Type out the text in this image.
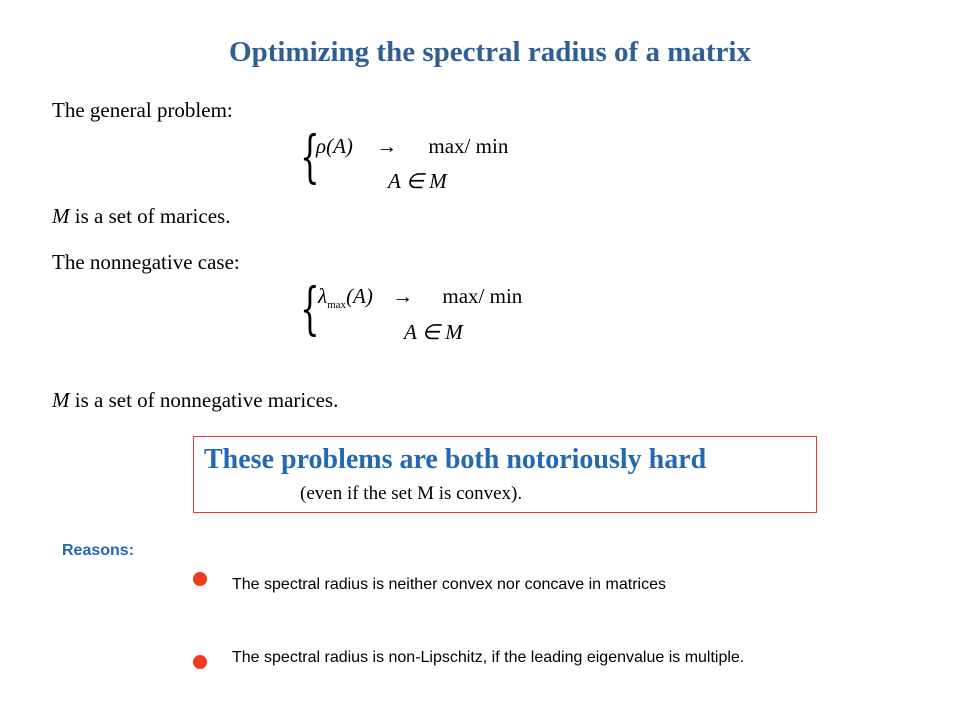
Optimizing the spectral radius of a matrix
The general problem:
{
ρ(A) → max/ min
A ∈ M
M is a set of marices.
The nonnegative case:
{
$\lambda_{max}(A) \to \max/$ min
A ∈ M
M is a set of nonnegative marices.
These problems are both notoriously hard
(even if the set M is convex).
Reasons:
The spectral radius is neither convex nor concave in matrices
The spectral radius is non-Lipschitz, if the leading eigenvalue is multiple.
